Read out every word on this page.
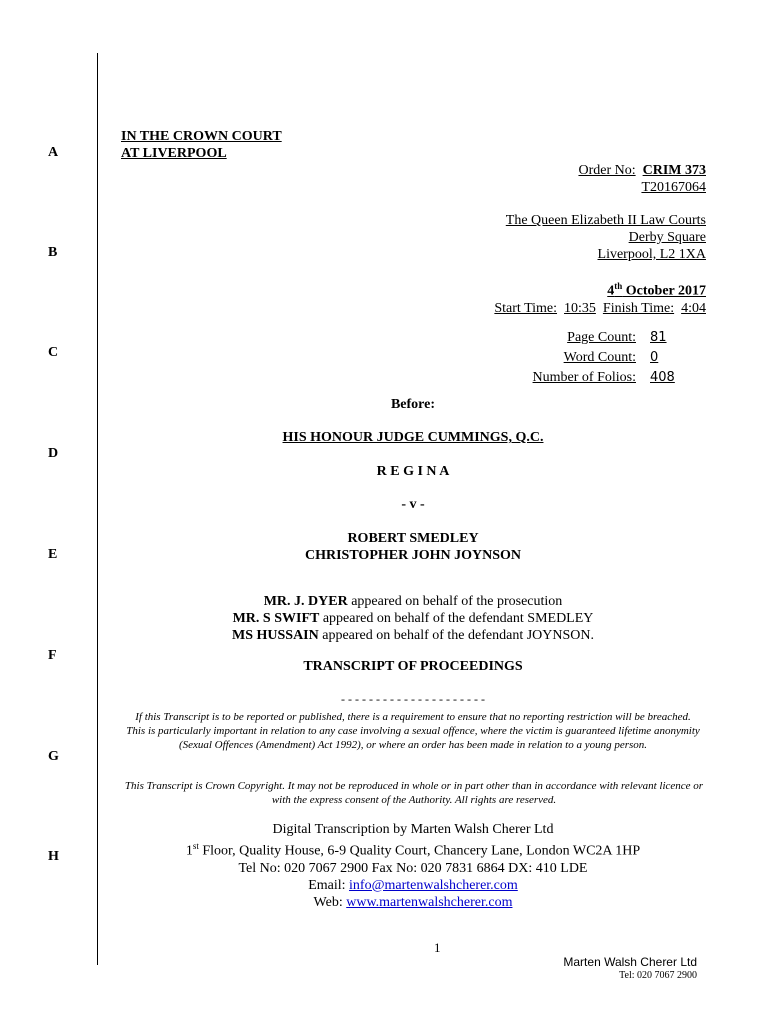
A
B
C
D
E
F
G
H
IN THE CROWN COURT
AT LIVERPOOL
Order No: CRIM 373
T20167064
The Queen Elizabeth II Law Courts
Derby Square
Liverpool, L2 1XA
4th October 2017
Start Time: 10:35 Finish Time: 4:04
Page Count: 81
Word Count: 0
Number of Folios: 408
Before:
HIS HONOUR JUDGE CUMMINGS, Q.C.
R E G I N A
- v -
ROBERT SMEDLEY
CHRISTOPHER JOHN JOYNSON
MR. J. DYER appeared on behalf of the prosecution
MR. S SWIFT appeared on behalf of the defendant SMEDLEY
MS HUSSAIN appeared on behalf of the defendant JOYNSON.
TRANSCRIPT OF PROCEEDINGS
- - - - - - - - - - - - - - - - - - - - -
If this Transcript is to be reported or published, there is a requirement to ensure that no reporting restriction will be breached. This is particularly important in relation to any case involving a sexual offence, where the victim is guaranteed lifetime anonymity (Sexual Offences (Amendment) Act 1992), or where an order has been made in relation to a young person.
This Transcript is Crown Copyright. It may not be reproduced in whole or in part other than in accordance with relevant licence or with the express consent of the Authority. All rights are reserved.
Digital Transcription by Marten Walsh Cherer Ltd
1st Floor, Quality House, 6-9 Quality Court, Chancery Lane, London WC2A 1HP
Tel No: 020 7067 2900 Fax No: 020 7831 6864 DX: 410 LDE
Email: info@martenwalshcherer.com
Web: www.martenwalshcherer.com
1
Marten Walsh Cherer Ltd
Tel: 020 7067 2900
